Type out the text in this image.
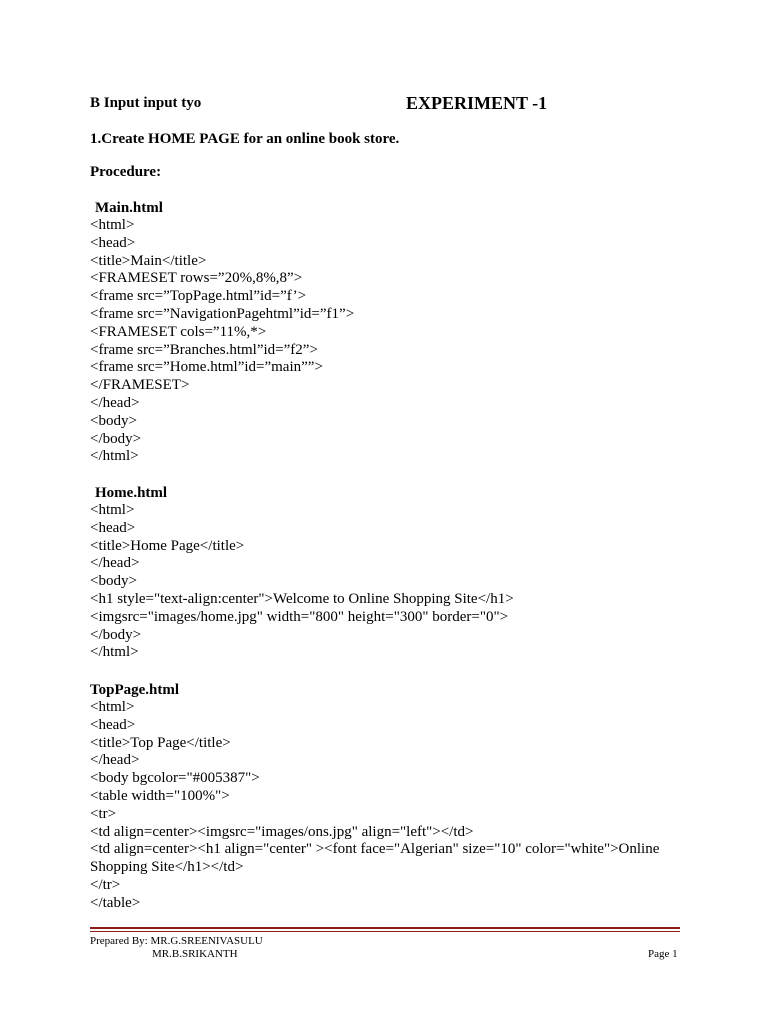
B Input input tyo	EXPERIMENT -1
1.Create HOME PAGE for an online book store.
Procedure:
Main.html
<html>
<head>
<title>Main</title>
<FRAMESET rows=”20%,8%,8”>
<frame src=”TopPage.html”id=”f’>
<frame src=”NavigationPagehtml”id=”f1”>
<FRAMESET cols=”11%,*>
<frame src=”Branches.html”id=”f2”>
<frame src=”Home.html”id=”main””>
</FRAMESET>
</head>
<body>
</body>
</html>
Home.html
<html>
<head>
<title>Home Page</title>
</head>
<body>
<h1 style="text-align:center">Welcome to Online Shopping Site</h1>
<imgsrc="images/home.jpg" width="800" height="300" border="0">
</body>
</html>
TopPage.html
<html>
<head>
<title>Top Page</title>
</head>
<body bgcolor="#005387">
<table width="100%">
<tr>
<td align=center><imgsrc="images/ons.jpg" align="left"></td>
<td align=center><h1 align="center" ><font face="Algerian" size="10" color="white">Online Shopping Site</h1></td>
</tr>
</table>
Prepared By: MR.G.SREENIVASULU
MR.B.SRIKANTH	Page 1
